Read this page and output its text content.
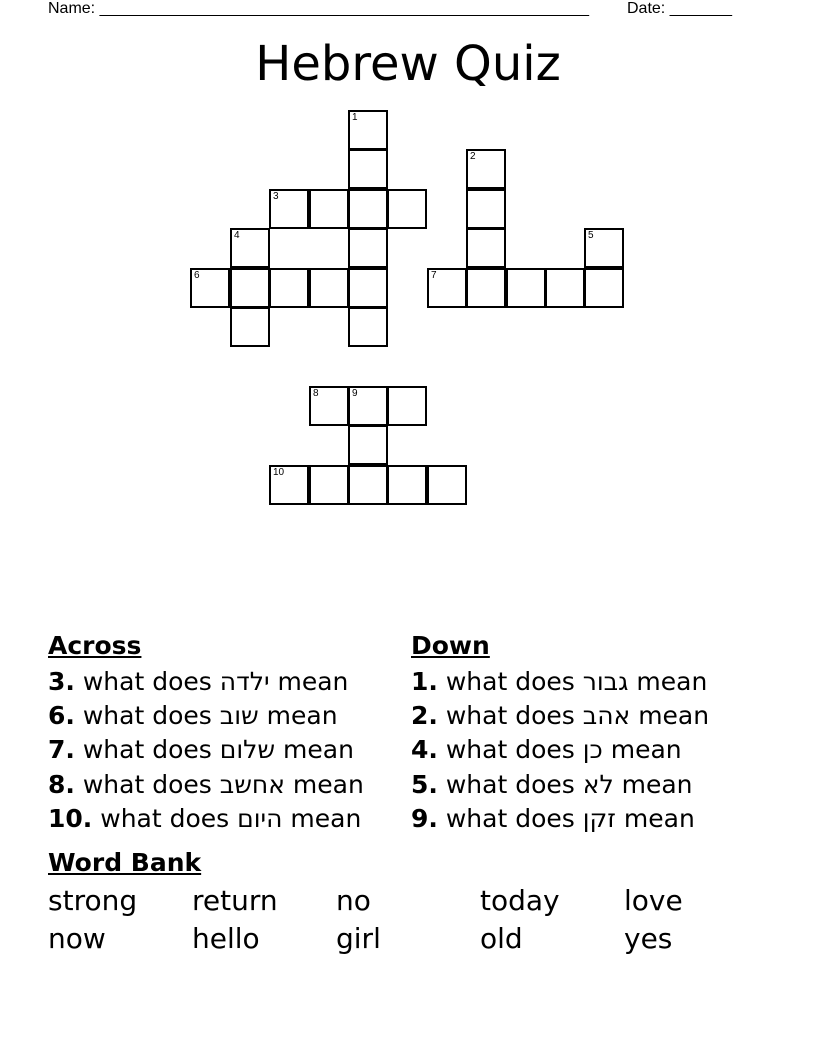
Name: _______________________________________________________ Date: _______
Hebrew Quiz
1
2
3
4	5
6	7
8	9
10
Across
3. what does ילדה mean
6. what does שוב mean
7. what does שלום mean
8. what does אחשב mean
10. what does היום mean
Down
1. what does גבור mean
2. what does אהב mean
4. what does כן mean
5. what does לא mean
9. what does זקן mean
Word Bank
strong return no	today love
now	hello	girl	old	yes
